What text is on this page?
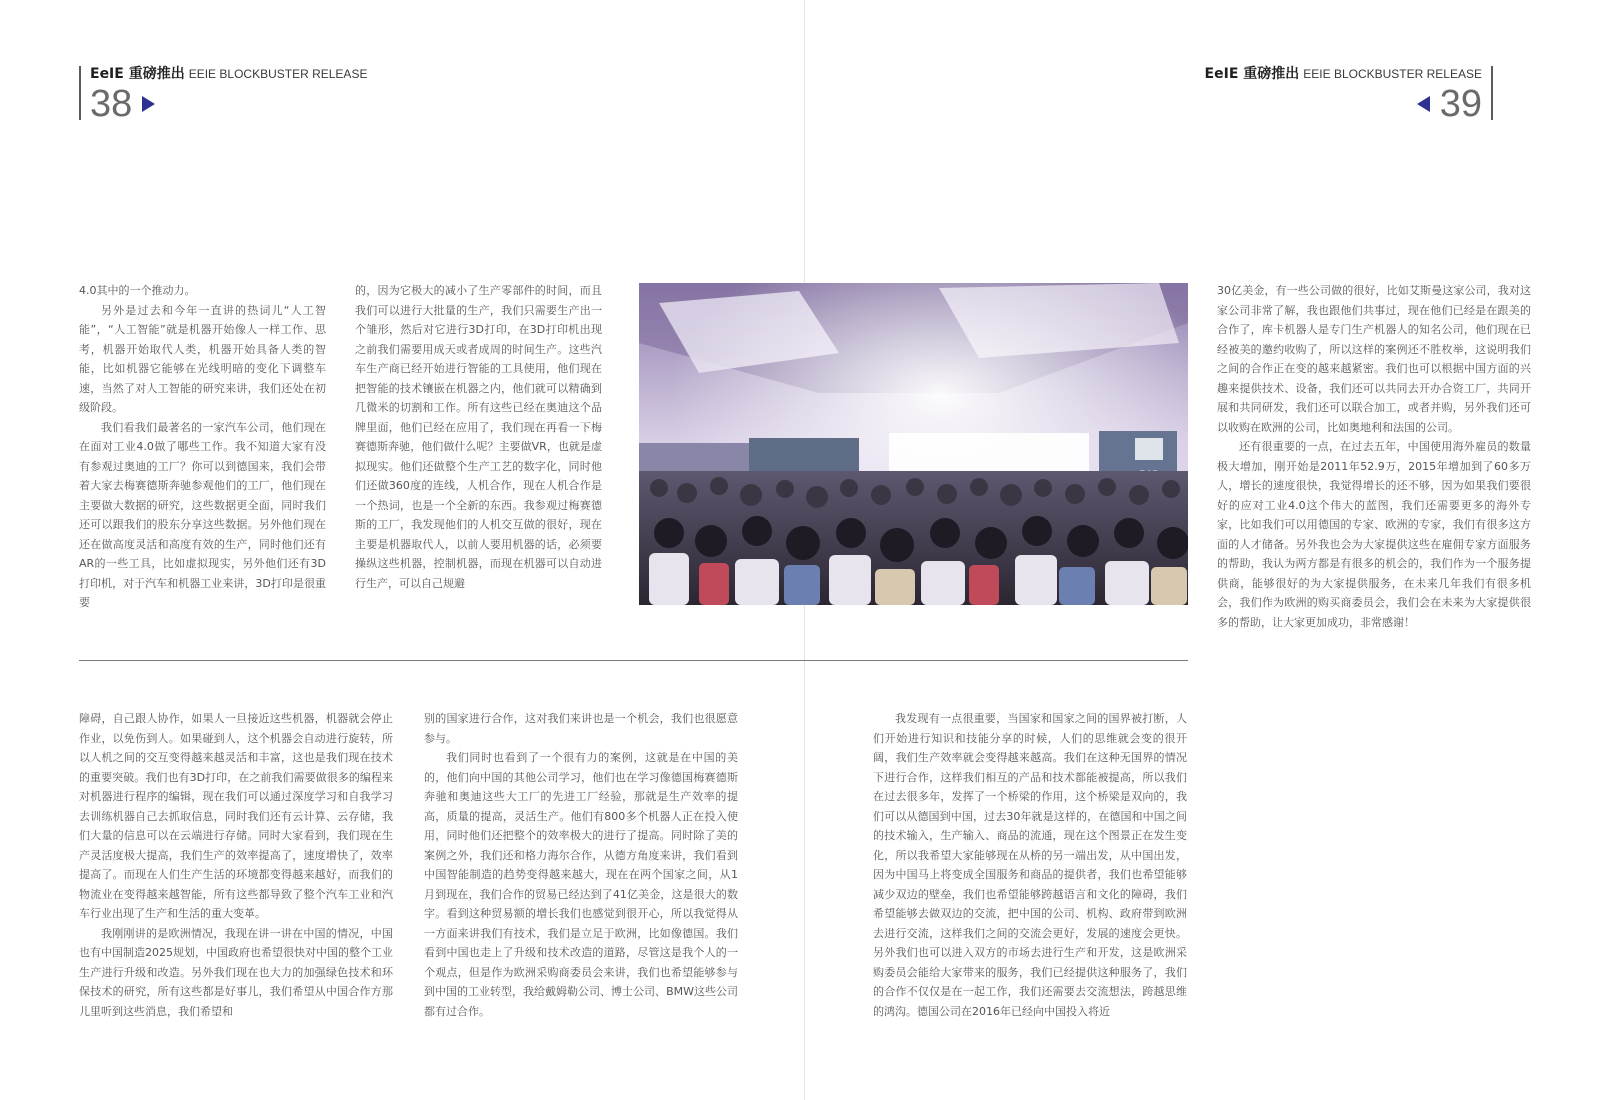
EeIE 重磅推出 EEIE BLOCKBUSTER RELEASE
38
EeIE 重磅推出 EEIE BLOCKBUSTER RELEASE
39

4.0其中的一个推动力。

另外是过去和今年一直讲的热词儿“人工智能”，“人工智能”就是机器开始像人一样工作、思考，机器开始取代人类，机器开始具备人类的智能，比如机器它能够在光线明暗的变化下调整车速，当然了对人工智能的研究来讲，我们还处在初级阶段。

我们看我们最著名的一家汽车公司，他们现在在面对工业4.0做了哪些工作。我不知道大家有没有参观过奥迪的工厂？你可以到德国来，我们会带着大家去梅赛德斯奔驰参观他们的工厂，他们现在主要做大数据的研究，这些数据更全面，同时我们还可以跟我们的股东分享这些数据。另外他们现在还在做高度灵活和高度有效的生产，同时他们还有AR的一些工具，比如虚拟现实，另外他们还有3D打印机，对于汽车和机器工业来讲，3D打印是很重要

的，因为它极大的减小了生产零部件的时间，而且我们可以进行大批量的生产，我们只需要生产出一个雏形，然后对它进行3D打印，在3D打印机出现之前我们需要用成天或者成周的时间生产。这些汽车生产商已经开始进行智能的工具使用，他们现在把智能的技术镶嵌在机器之内，他们就可以精确到几微米的切割和工作。所有这些已经在奥迪这个品牌里面，他们已经在应用了，我们现在再看一下梅赛德斯奔驰，他们做什么呢？主要做VR，也就是虚拟现实。他们还做整个生产工艺的数字化，同时他们还做360度的连线，人机合作，现在人机合作是一个热词，也是一个全新的东西。我参观过梅赛德斯的工厂，我发现他们的人机交互做的很好，现在主要是机器取代人，以前人要用机器的话，必须要操纵这些机器，控制机器，而现在机器可以自动进行生产，可以自己规避

30亿美金，有一些公司做的很好，比如艾斯曼这家公司，我对这家公司非常了解，我也跟他们共事过，现在他们已经是在跟美的合作了，库卡机器人是专门生产机器人的知名公司，他们现在已经被美的邀约收购了，所以这样的案例还不胜枚举，这说明我们之间的合作正在变的越来越紧密。我们也可以根据中国方面的兴趣来提供技术、设备，我们还可以共同去开办合资工厂，共同开展和共同研发，我们还可以联合加工，或者并购，另外我们还可以收购在欧洲的公司，比如奥地利和法国的公司。

还有很重要的一点，在过去五年，中国使用海外雇员的数量极大增加，刚开始是2011年52.9万，2015年增加到了60多万人，增长的速度很快，我觉得增长的还不够，因为如果我们要很好的应对工业4.0这个伟大的蓝图，我们还需要更多的海外专家，比如我们可以用德国的专家、欧洲的专家，我们有很多这方面的人才储备。另外我也会为大家提供这些在雇佣专家方面服务的帮助，我认为两方都是有很多的机会的，我们作为一个服务提供商，能够很好的为大家提供服务，在未来几年我们有很多机会，我们作为欧洲的购买商委员会，我们会在未来为大家提供很多的帮助，让大家更加成功，非常感谢！

障碍，自己跟人协作，如果人一旦接近这些机器，机器就会停止作业，以免伤到人。如果碰到人，这个机器会自动进行旋转，所以人机之间的交互变得越来越灵活和丰富，这也是我们现在技术的重要突破。我们也有3D打印，在之前我们需要做很多的编程来对机器进行程序的编辑，现在我们可以通过深度学习和自我学习去训练机器自己去抓取信息，同时我们还有云计算、云存储，我们大量的信息可以在云端进行存储。同时大家看到，我们现在生产灵活度极大提高，我们生产的效率提高了，速度增快了，效率提高了。而现在人们生产生活的环境都变得越来越好，而我们的物流业在变得越来越智能，所有这些都导致了整个汽车工业和汽车行业出现了生产和生活的重大变革。

我刚刚讲的是欧洲情况，我现在讲一讲在中国的情况，中国也有中国制造2025规划，中国政府也希望很快对中国的整个工业生产进行升级和改造。另外我们现在也大力的加强绿色技术和环保技术的研究，所有这些都是好事儿，我们希望从中国合作方那儿里听到这些消息，我们希望和

别的国家进行合作，这对我们来讲也是一个机会，我们也很愿意参与。

我们同时也看到了一个很有力的案例，这就是在中国的美的，他们向中国的其他公司学习，他们也在学习像德国梅赛德斯奔驰和奥迪这些大工厂的先进工厂经验，那就是生产效率的提高，质量的提高，灵活生产。他们有800多个机器人正在投入使用，同时他们还把整个的效率极大的进行了提高。同时除了美的案例之外，我们还和格力海尔合作，从德方角度来讲，我们看到中国智能制造的趋势变得越来越大，现在在两个国家之间，从1月到现在，我们合作的贸易已经达到了41亿美金，这是很大的数字。看到这种贸易额的增长我们也感觉到很开心，所以我觉得从一方面来讲我们有技术，我们是立足于欧洲，比如像德国。我们看到中国也走上了升级和技术改造的道路，尽管这是我个人的一个观点，但是作为欧洲采购商委员会来讲，我们也希望能够参与到中国的工业转型，我给戴姆勒公司、博士公司、BMW这些公司都有过合作。

我发现有一点很重要，当国家和国家之间的国界被打断，人们开始进行知识和技能分享的时候，人们的思维就会变的很开阔，我们生产效率就会变得越来越高。我们在这种无国界的情况下进行合作，这样我们相互的产品和技术都能被提高，所以我们在过去很多年，发挥了一个桥梁的作用，这个桥梁是双向的，我们可以从德国到中国，过去30年就是这样的，在德国和中国之间的技术输入，生产输入、商品的流通，现在这个图景正在发生变化，所以我希望大家能够现在从桥的另一端出发，从中国出发，因为中国马上将变成全国服务和商品的提供者，我们也希望能够减少双边的壁垒，我们也希望能够跨越语言和文化的障碍，我们希望能够去做双边的交流，把中国的公司、机构、政府带到欧洲去进行交流，这样我们之间的交流会更好，发展的速度会更快。另外我们也可以进入双方的市场去进行生产和开发，这是欧洲采购委员会能给大家带来的服务，我们已经提供这种服务了，我们的合作不仅仅是在一起工作，我们还需要去交流想法，跨越思维的鸿沟。德国公司在2016年已经向中国投入将近
